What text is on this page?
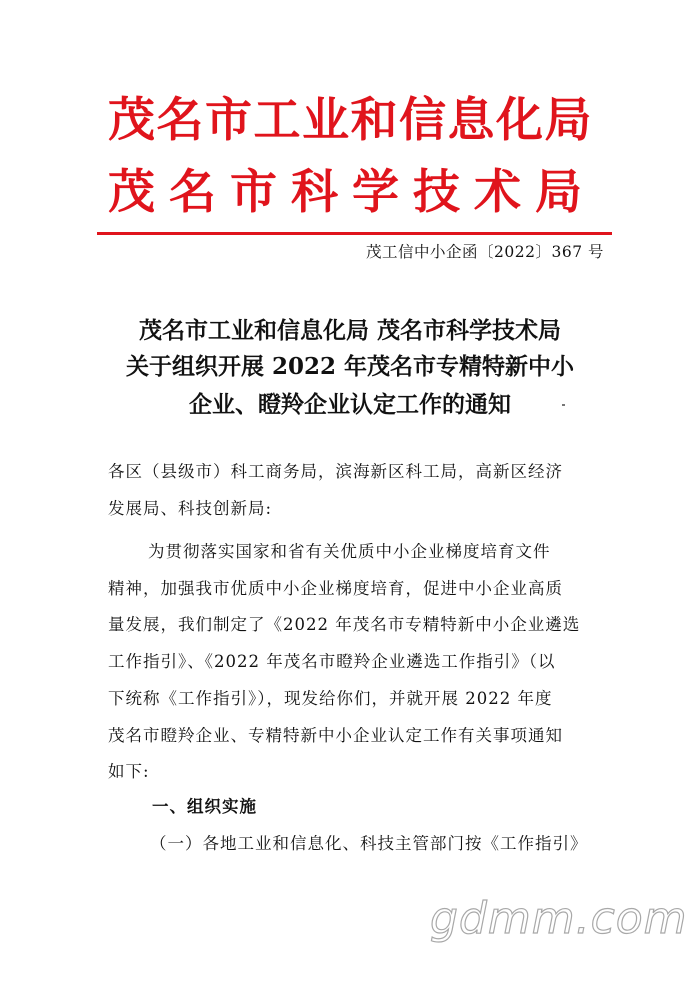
茂名市工业和信息化局
茂名市科学技术局
茂工信中小企函〔2022〕367 号
茂名市工业和信息化局 茂名市科学技术局
关于组织开展 2022 年茂名市专精特新中小
企业、瞪羚企业认定工作的通知
各区（县级市）科工商务局，滨海新区科工局，高新区经济
发展局、科技创新局:
为贯彻落实国家和省有关优质中小企业梯度培育文件
精神，加强我市优质中小企业梯度培育，促进中小企业高质
量发展，我们制定了《2022 年茂名市专精特新中小企业遴选
工作指引》、《2022 年茂名市瞪羚企业遴选工作指引》（以
下统称《工作指引》），现发给你们，并就开展 2022 年度
茂名市瞪羚企业、专精特新中小企业认定工作有关事项通知
如下:
一、组织实施
（一）各地工业和信息化、科技主管部门按《工作指引》
gdmm.com
